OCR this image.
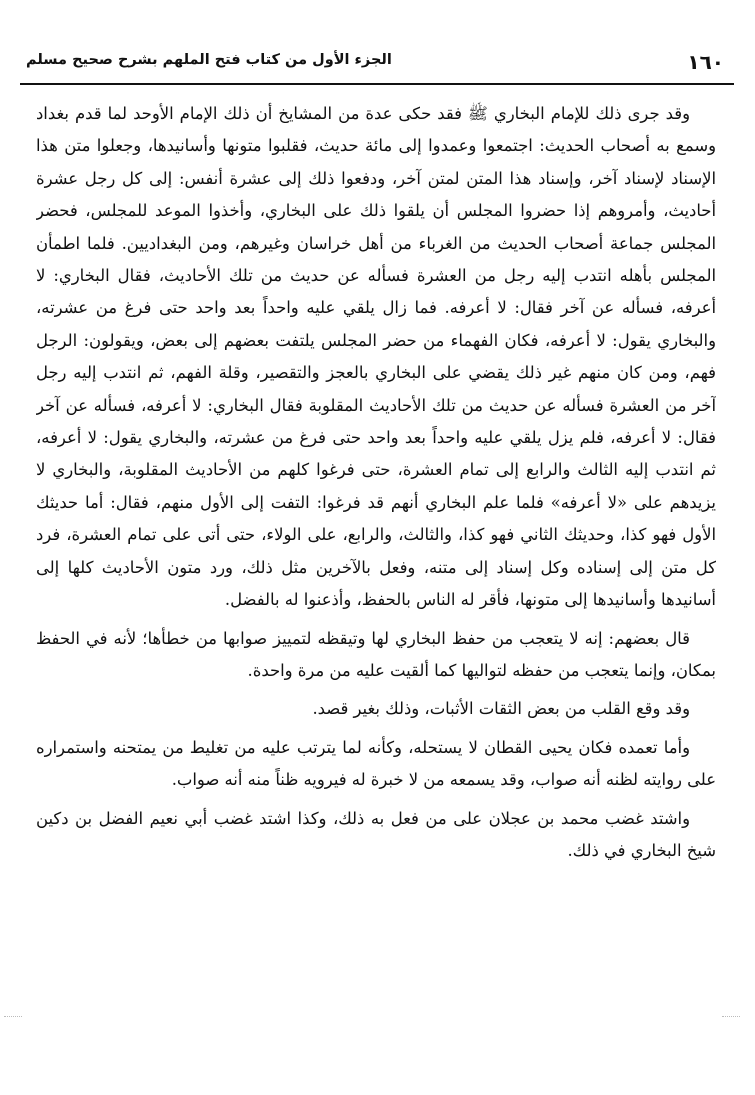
١٦٠
الجزء الأول من كتاب فتح الملهم بشرح صحيح مسلم

وقد جرى ذلك للإمام البخاري ﷺ فقد حكى عدة من المشايخ أن ذلك الإمام الأوحد لما قدم بغداد وسمع به أصحاب الحديث: اجتمعوا وعمدوا إلى مائة حديث، فقلبوا متونها وأسانيدها، وجعلوا متن هذا الإسناد لإسناد آخر، وإسناد هذا المتن لمتن آخر، ودفعوا ذلك إلى عشرة أنفس: إلى كل رجل عشرة أحاديث، وأمروهم إذا حضروا المجلس أن يلقوا ذلك على البخاري، وأخذوا الموعد للمجلس، فحضر المجلس جماعة أصحاب الحديث من الغرباء من أهل خراسان وغيرهم، ومن البغداديين. فلما اطمأن المجلس بأهله انتدب إليه رجل من العشرة فسأله عن حديث من تلك الأحاديث، فقال البخاري: لا أعرفه، فسأله عن آخر فقال: لا أعرفه. فما زال يلقي عليه واحداً بعد واحد حتى فرغ من عشرته، والبخاري يقول: لا أعرفه، فكان الفهماء من حضر المجلس يلتفت بعضهم إلى بعض، ويقولون: الرجل فهم، ومن كان منهم غير ذلك يقضي على البخاري بالعجز والتقصير، وقلة الفهم، ثم انتدب إليه رجل آخر من العشرة فسأله عن حديث من تلك الأحاديث المقلوبة فقال البخاري: لا أعرفه، فسأله عن آخر فقال: لا أعرفه، فلم يزل يلقي عليه واحداً بعد واحد حتى فرغ من عشرته، والبخاري يقول: لا أعرفه، ثم انتدب إليه الثالث والرابع إلى تمام العشرة، حتى فرغوا كلهم من الأحاديث المقلوبة، والبخاري لا يزيدهم على «لا أعرفه» فلما علم البخاري أنهم قد فرغوا: التفت إلى الأول منهم، فقال: أما حديثك الأول فهو كذا، وحديثك الثاني فهو كذا، والثالث، والرابع، على الولاء، حتى أتى على تمام العشرة، فرد كل متن إلى إسناده وكل إسناد إلى متنه، وفعل بالآخرين مثل ذلك، ورد متون الأحاديث كلها إلى أسانيدها وأسانيدها إلى متونها، فأقر له الناس بالحفظ، وأذعنوا له بالفضل.

قال بعضهم: إنه لا يتعجب من حفظ البخاري لها وتيقظه لتمييز صوابها من خطأها؛ لأنه في الحفظ بمكان، وإنما يتعجب من حفظه لتواليها كما ألقيت عليه من مرة واحدة.

وقد وقع القلب من بعض الثقات الأثبات، وذلك بغير قصد.

وأما تعمده فكان يحيى القطان لا يستحله، وكأنه لما يترتب عليه من تغليط من يمتحنه واستمراره على روايته لظنه أنه صواب، وقد يسمعه من لا خبرة له فيرويه ظناً منه أنه صواب.

واشتد غضب محمد بن عجلان على من فعل به ذلك، وكذا اشتد غضب أبي نعيم الفضل بن دكين شيخ البخاري في ذلك.
